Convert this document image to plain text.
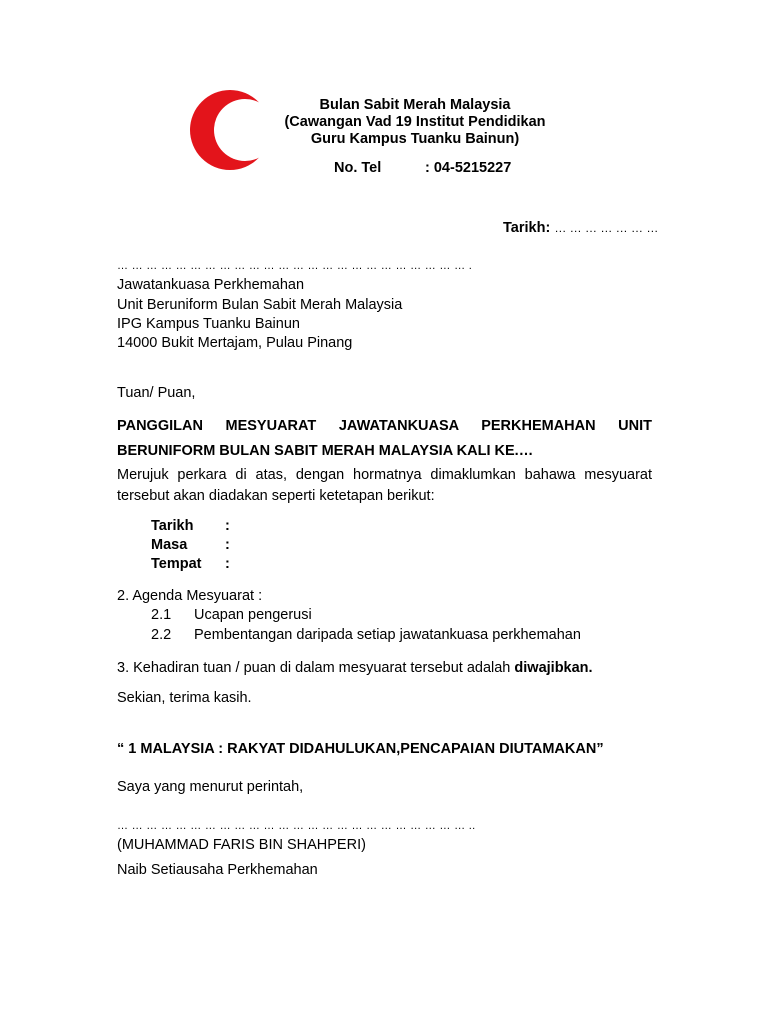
Bulan Sabit Merah Malaysia
(Cawangan Vad 19 Institut Pendidikan
Guru Kampus Tuanku Bainun)
No. Tel	: 04-5215227
Tarikh: … … … … … … …
… … … … … … … … … … … … … … … … … … … … … … … … .
Jawatankuasa Perkhemahan
Unit Beruniform Bulan Sabit Merah Malaysia
IPG Kampus Tuanku Bainun
14000 Bukit Mertajam, Pulau Pinang
Tuan/ Puan,
PANGGILAN MESYUARAT JAWATANKUASA PERKHEMAHAN UNIT
BERUNIFORM BULAN SABIT MERAH MALAYSIA KALI KE.…
Merujuk perkara di atas, dengan hormatnya dimaklumkan bahawa mesyuarat
tersebut akan diadakan seperti ketetapan berikut:
Tarikh :
Masa	:
Tempat :
2. Agenda Mesyuarat :
2.1 Ucapan pengerusi
2.2 Pembentangan daripada setiap jawatankuasa perkhemahan
3. Kehadiran tuan / puan di dalam mesyuarat tersebut adalah diwajibkan.
Sekian, terima kasih.
“ 1 MALAYSIA : RAKYAT DIDAHULUKAN,PENCAPAIAN DIUTAMAKAN”
Saya yang menurut perintah,
… … … … … … … … … … … … … … … … … … … … … … … … ..
(MUHAMMAD FARIS BIN SHAHPERI)
Naib Setiausaha Perkhemahan
